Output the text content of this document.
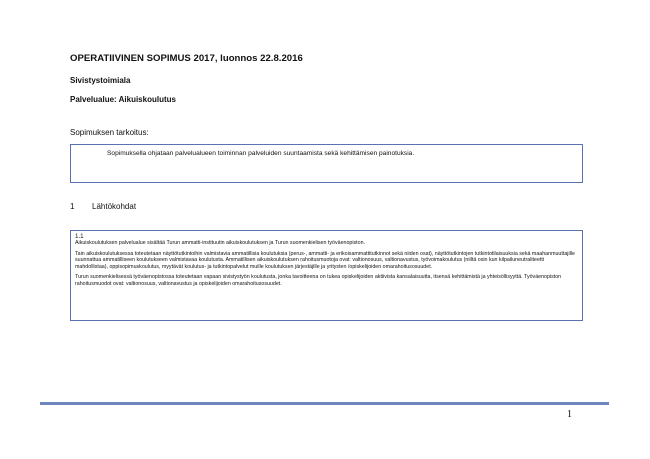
OPERATIIVINEN SOPIMUS 2017, luonnos 22.8.2016
Sivistystoimiala
Palvelualue: Aikuiskoulutus
Sopimuksen tarkoitus:
Sopimuksella ohjataan palvelualueen toiminnan palveluiden suuntaamista sekä kehittämisen painotuksia.
1 Lähtökohdat

1.1

Aikuiskoulutuksen palvelualue sisältää Turun ammatti-instituutin aikuiskoulutuksen ja Turun suomenkielisen työväenopiston.

Tain aikuiskoulutuksessa toteutetaan näyttötutkintoihin valmistavia ammatillisia koulutuksia (perus-, ammatti- ja erikoisammattitutkinnot sekä niiden osat), näyttötutkintojen tutkintotilaisuuksia sekä maahanmuuttajille suunnattua ammatilliseen koulutukseen valmistavaa koulutusta. Ammatillisen aikuiskoulutuksen rahoitusmuotoja ovat: valtionosuus, valtionavustus, työvoimakoulutus (niiltä osin kun kilpailuneutraliteetti mahdollistaa), oppisopimuskoulutus, myytävät koulutus- ja tutkintopalvelut muille koulutuksen järjestäjille ja yritysten /opiskelijoiden omarahoitusosuudet.

Turun suomenkielisessä työväenopistossa toteutetaan vapaan sivistystyön koulutusta, jonka tavoitteena on tukea opiskelijoiden aktiivista kansalaisuutta, itsensä kehittämistä ja yhteisöllisyyttä. Työväenopiston rahoitusmuodot ovat: valtionosuus, valtionavustus ja opiskelijoiden omarahoitusosuudet.

1
